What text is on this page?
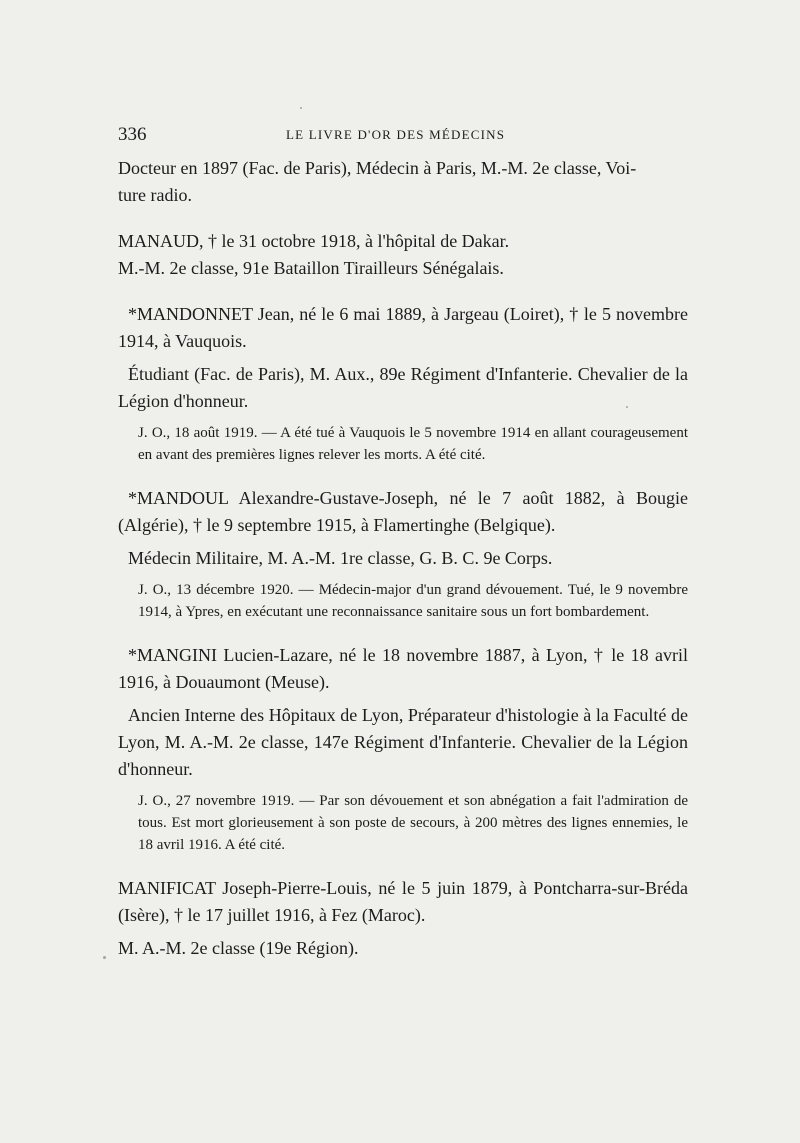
336	LE LIVRE D'OR DES MÉDECINS

Docteur en 1897 (Fac. de Paris), Médecin à Paris, M.-M. 2e classe, Voi-

ture radio.

MANAUD, † le 31 octobre 1918, à l'hôpital de Dakar.

M.-M. 2e classe, 91e Bataillon Tirailleurs Sénégalais.

*MANDONNET Jean, né le 6 mai 1889, à Jargeau (Loiret), † le 5 novembre 1914, à Vauquois.

Étudiant (Fac. de Paris), M. Aux., 89e Régiment d'Infanterie. Chevalier de la Légion d'honneur.

J. O., 18 août 1919. — A été tué à Vauquois le 5 novembre 1914 en allant courageusement en avant des premières lignes relever les morts. A été cité.

*MANDOUL Alexandre-Gustave-Joseph, né le 7 août 1882, à Bougie (Algérie), † le 9 septembre 1915, à Flamertinghe (Belgique).

Médecin Militaire, M. A.-M. 1re classe, G. B. C. 9e Corps.

J. O., 13 décembre 1920. — Médecin-major d'un grand dévouement. Tué, le 9 novembre 1914, à Ypres, en exécutant une reconnaissance sanitaire sous un fort bombardement.

*MANGINI Lucien-Lazare, né le 18 novembre 1887, à Lyon, † le 18 avril 1916, à Douaumont (Meuse).

Ancien Interne des Hôpitaux de Lyon, Préparateur d'histologie à la Faculté de Lyon, M. A.-M. 2e classe, 147e Régiment d'Infanterie. Chevalier de la Légion d'honneur.

J. O., 27 novembre 1919. — Par son dévouement et son abnégation a fait l'admiration de tous. Est mort glorieusement à son poste de secours, à 200 mètres des lignes ennemies, le 18 avril 1916. A été cité.

MANIFICAT Joseph-Pierre-Louis, né le 5 juin 1879, à Pontcharra-sur-Bréda (Isère), † le 17 juillet 1916, à Fez (Maroc).

M. A.-M. 2e classe (19e Région).
